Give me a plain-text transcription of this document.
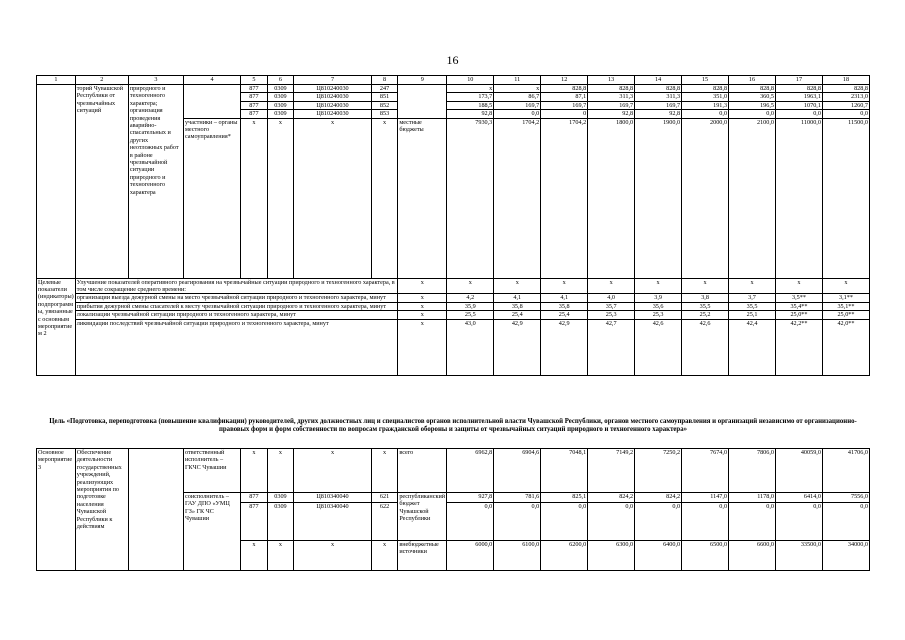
16
1	2	3	4	5	6	7	8	9	10	11	12	13	14	15	16	17	18
	торий Чувашской Республики от чрезвычайных ситуаций	природного и техногенного характера; организация проведения аварийно-спасательных и других неотложных работ в районе чрезвычайной ситуации природного и техногенного характера		877	0309	Ц810240030	247		x	x	828,8	828,8	828,8	828,8	828,8	828,8	828,8
				877	0309	Ц810240030	851		173,7	86,7	87,1	311,3	311,3	351,0	360,5	1963,1	2313,0
				877	0309	Ц810240030	852		188,5	169,7	169,7	169,7	169,7	191,3	196,5	1070,1	1260,7
				877	0309	Ц810240030	853		92,8	0,0	0	92,8	92,8	0,0	0,0	0,0	0,0
			участники – органы местного самоуправления*	x	x	x	x	местные бюджеты	7930,3	1704,2	1704,2	1800,0	1900,0	2000,0	2100,0	11000,0	11500,0
Целевые показатели (индикаторы) подпрограммы, увязанные с основным мероприятием 2	Улучшение показателей оперативного реагирования на чрезвычайные ситуации природного и техногенного характера, в том числе сокращение среднего времени:							x	x	x	x	x	x	x	x	x	x
	организации выезда дежурной смены на место чрезвычайной ситуации природного и техногенного характера, минут							x	4,2	4,1	4,1	4,0	3,9	3,8	3,7	3,5**	3,1**
	прибытия дежурной смены спасателей к месту чрезвычайной ситуации природного и техногенного характера, минут							x	35,9	35,8	35,8	35,7	35,6	35,5	35,5	35,4**	35,1**
	локализации чрезвычайной ситуации природного и техногенного характера, минут							x	25,5	25,4	25,4	25,3	25,3	25,2	25,1	25,0**	25,0**
	ликвидации последствий чрезвычайной ситуации природного и техногенного характера, минут							x	43,0	42,9	42,9	42,7	42,6	42,6	42,4	42,2**	42,0**
Цель «Подготовка, переподготовка (повышение квалификации) руководителей, других должностных лиц и специалистов органов исполнительной власти Чувашской Республики, органов местного самоуправления и организаций независимо от организационно-правовых форм и форм собственности по вопросам гражданской обороны и защиты от чрезвычайных ситуаций природного и техногенного характера»
Основное мероприятие 3	Обеспечение деятельности государственных учреждений, реализующих мероприятия по подготовке населения Чувашской Республики к действиям		ответственный исполнитель – ГКЧС Чувашии	x	x	x	x	всего	6962,8	6904,6	7048,1	7149,2	7250,2	7674,0	7806,0	40059,0	41706,0
			соисполнитель – ГАУ ДПО «УМЦ ГЗ» ГК ЧС Чувашии	877	0309	Ц810340040	621	республиканский бюджет Чувашской Республики	927,8	781,6	825,1	824,2	824,2	1147,0	1178,0	6414,0	7556,0
				877	0309	Ц810340040	622		0,0	0,0	0,0	0,0	0,0	0,0	0,0	0,0	0,0
				x	x	x	x	внебюджетные источники	6000,0	6100,0	6200,0	6300,0	6400,0	6500,0	6600,0	33500,0	34000,0
